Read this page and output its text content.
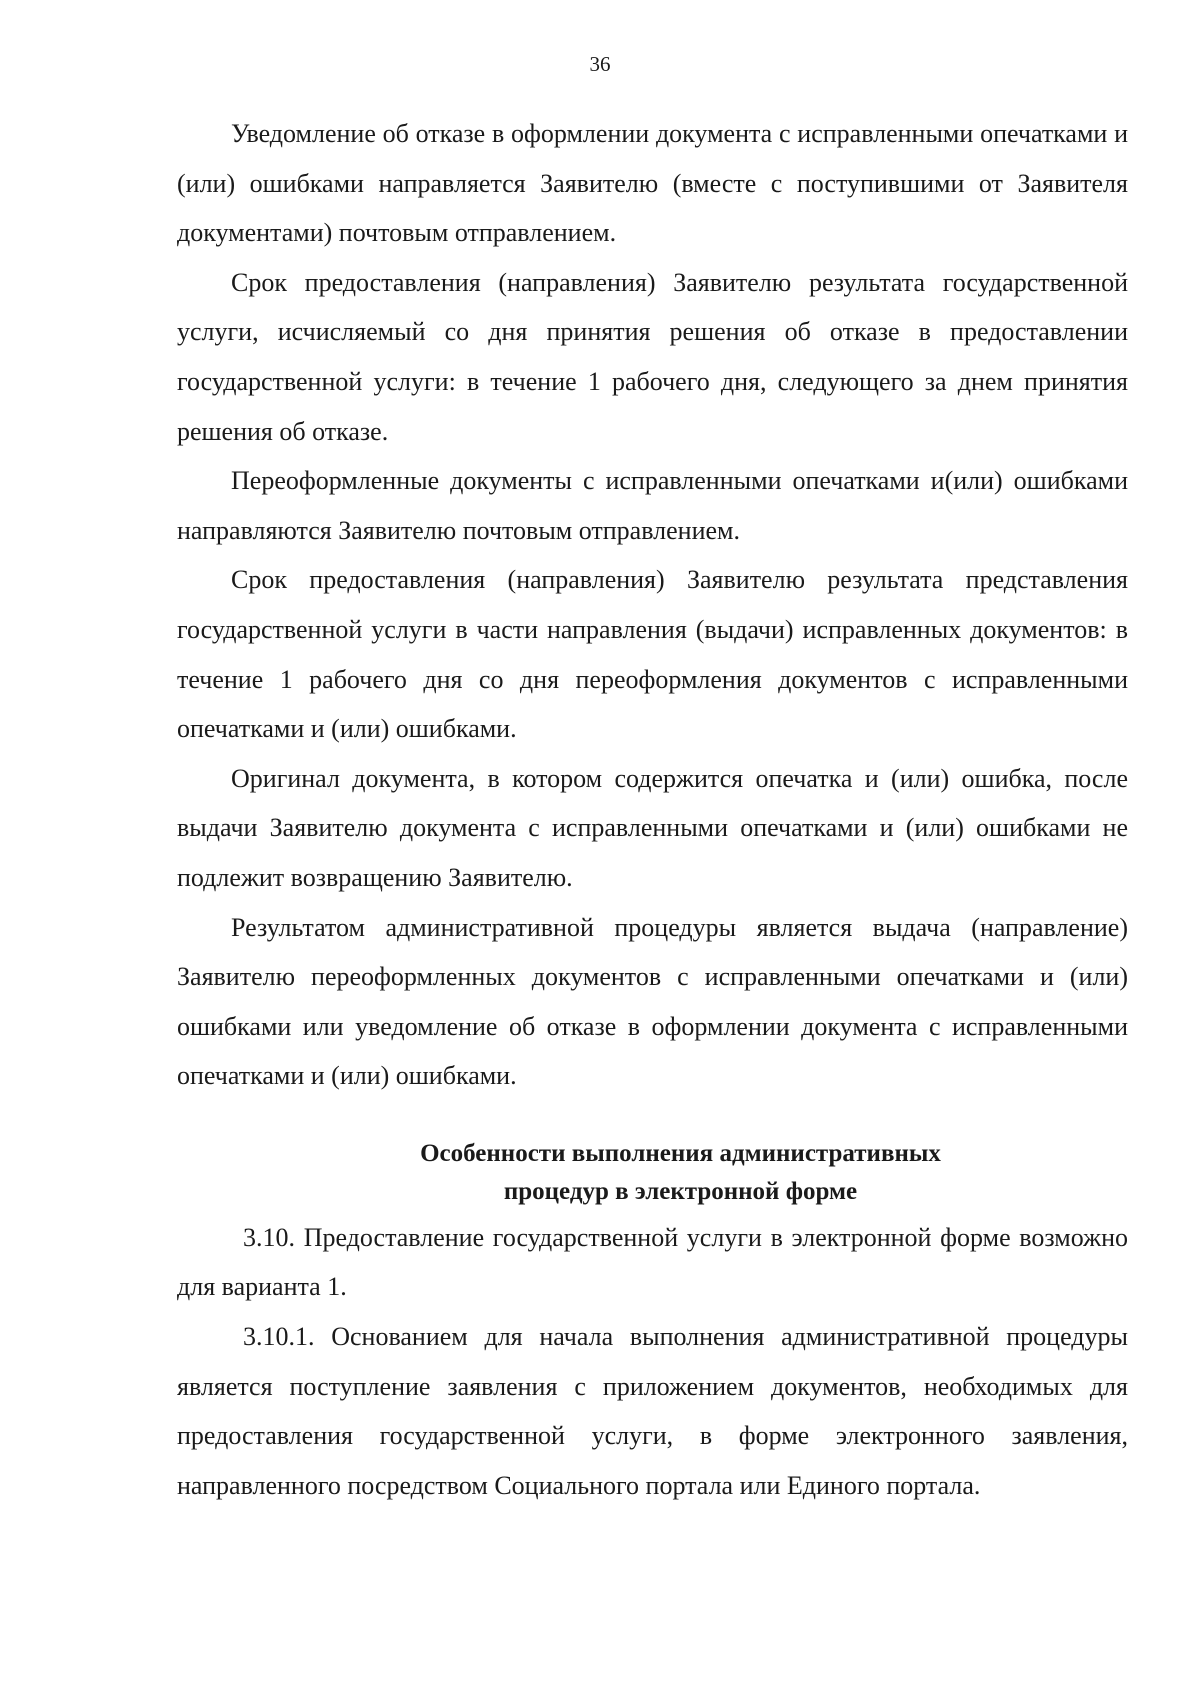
36

Уведомление об отказе в оформлении документа с исправленными опечатками и (или) ошибками направляется Заявителю (вместе с поступившими от Заявителя документами) почтовым отправлением.

Срок предоставления (направления) Заявителю результата государственной услуги, исчисляемый со дня принятия решения об отказе в предоставлении государственной услуги: в течение 1 рабочего дня, следующего за днем принятия решения об отказе.

Переоформленные документы с исправленными опечатками и(или) ошибками направляются Заявителю почтовым отправлением.

Срок предоставления (направления) Заявителю результата представления государственной услуги в части направления (выдачи) исправленных документов: в течение 1 рабочего дня со дня переоформления документов с исправленными опечатками и (или) ошибками.

Оригинал документа, в котором содержится опечатка и (или) ошибка, после выдачи Заявителю документа с исправленными опечатками и (или) ошибками не подлежит возвращению Заявителю.

Результатом административной процедуры является выдача (направление) Заявителю переоформленных документов с исправленными опечатками и (или) ошибками или уведомление об отказе в оформлении документа с исправленными опечатками и (или) ошибками.

Особенности выполнения административных
процедур в электронной форме

3.10. Предоставление государственной услуги в электронной форме возможно для варианта 1.

3.10.1. Основанием для начала выполнения административной процедуры является поступление заявления с приложением документов, необходимых для предоставления государственной услуги, в форме электронного заявления, направленного посредством Социального портала или Единого портала.
